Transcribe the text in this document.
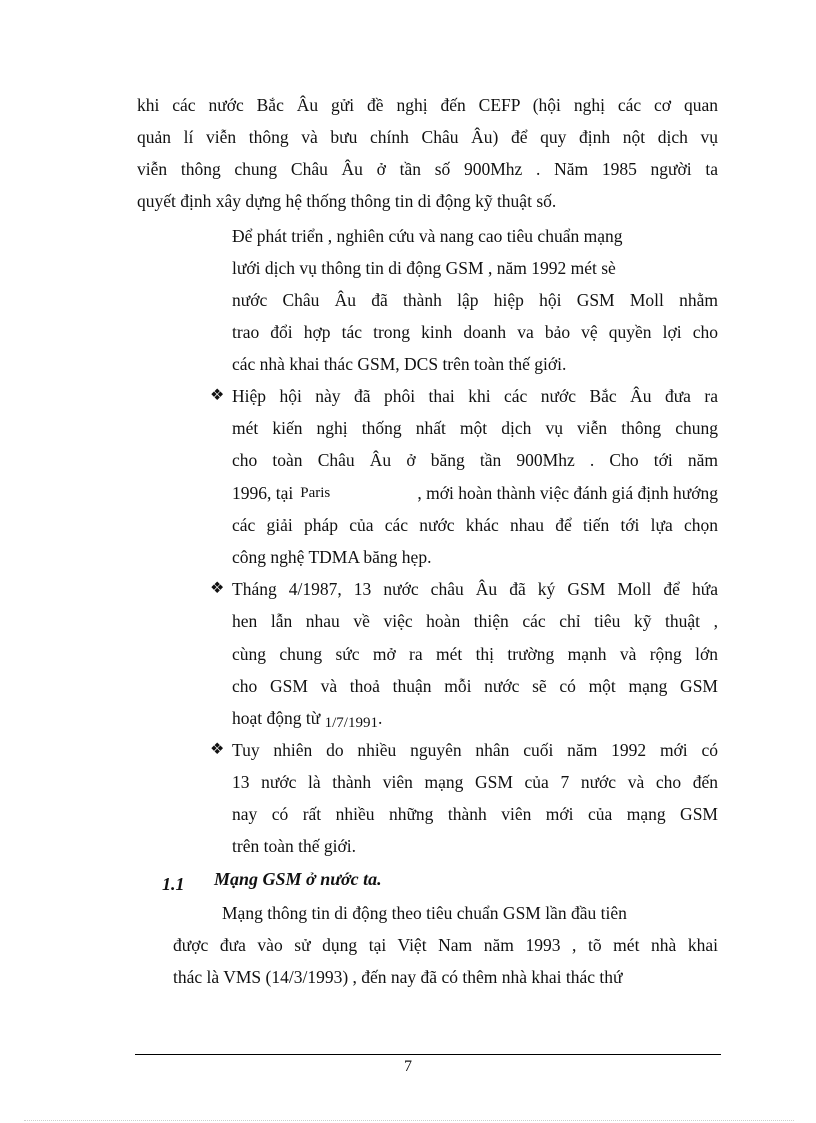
khi các nước Bắc Âu gửi đề nghị đến CEFP (hội nghị các cơ quan
quản lí viễn thông và bưu chính Châu Âu) để quy định nột dịch vụ
viễn thông chung Châu Âu ở tần số 900Mhz . Năm 1985 người ta
quyết định xây dựng hệ thống thông tin di động kỹ thuật số.
Để phát triển , nghiên cứu và nang cao tiêu chuẩn mạng
lưới dịch vụ thông tin di động GSM , năm 1992 mét sè
nước Châu Âu đã thành lập hiệp hội GSM Moll nhằm
trao đổi hợp tác trong kinh doanh va bảo vệ quyền lợi cho
các nhà khai thác GSM, DCS trên toàn thế giới.
❖ Hiệp hội này đã phôi thai khi các nước Bắc Âu đưa ra
mét kiến nghị thống nhất một dịch vụ viễn thông chung
cho toàn Châu Âu ở băng tần 900Mhz . Cho tới năm
1996, tại Paris	, mới hoàn thành việc đánh giá định hướng
các giải pháp của các nước khác nhau để tiến tới lựa chọn
công nghệ TDMA băng hẹp.
❖ Tháng 4/1987, 13 nước châu Âu đã ký GSM Moll để hứa
hen lẫn nhau về việc hoàn thiện các chỉ tiêu kỹ thuật ,
cùng chung sức mở ra mét thị trường mạnh và rộng lớn
cho GSM và thoả thuận mỗi nước sẽ có một mạng GSM
hoạt động từ 1/7/1991.
❖ Tuy nhiên do nhiều nguyên nhân cuối năm 1992 mới có
13 nước là thành viên mạng GSM của 7 nước và cho đến
nay có rất nhiều những thành viên mới của mạng GSM
trên toàn thế giới.
1.1 Mạng GSM ở nước ta.
Mạng thông tin di động theo tiêu chuẩn GSM lần đầu tiên
được đưa vào sử dụng tại Việt Nam năm 1993 , tõ mét nhà khai
thác là VMS (14/3/1993) , đến nay đã có thêm nhà khai thác thứ
7
